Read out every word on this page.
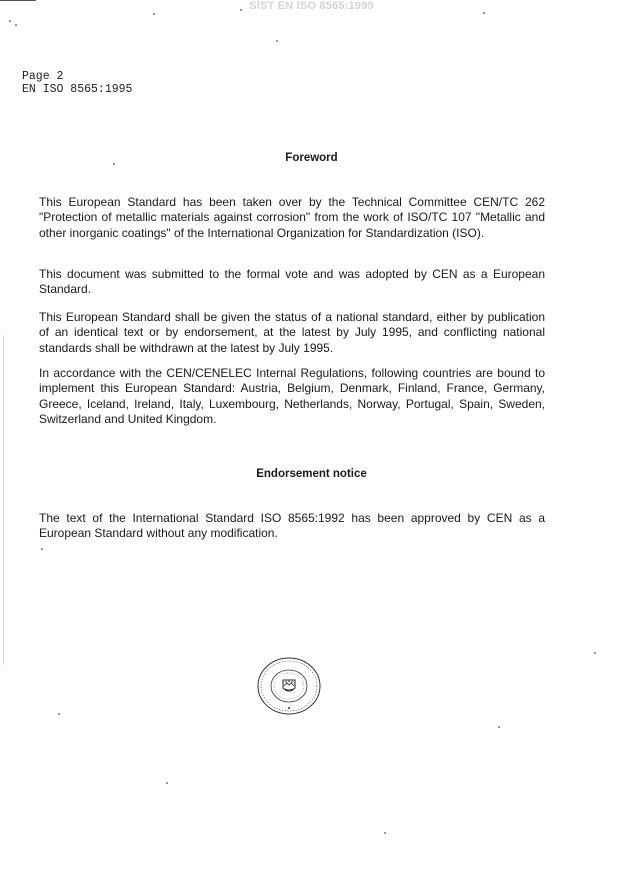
SIST EN ISO 8565:1999
Page 2
EN ISO 8565:1995
Foreword
This European Standard has been taken over by the Technical Committee CEN/TC 262 "Protection of metallic materials against corrosion" from the work of ISO/TC 107 "Metallic and other inorganic coatings" of the International Organization for Standardization (ISO).
This document was submitted to the formal vote and was adopted by CEN as a European Standard.
This European Standard shall be given the status of a national standard, either by publication of an identical text or by endorsement, at the latest by July 1995, and conflicting national standards shall be withdrawn at the latest by July 1995.
In accordance with the CEN/CENELEC Internal Regulations, following countries are bound to implement this European Standard: Austria, Belgium, Denmark, Finland, France, Germany, Greece, Iceland, Ireland, Italy, Luxembourg, Netherlands, Norway, Portugal, Spain, Sweden, Switzerland and United Kingdom.
Endorsement notice
The text of the International Standard ISO 8565:1992 has been approved by CEN as a European Standard without any modification.
